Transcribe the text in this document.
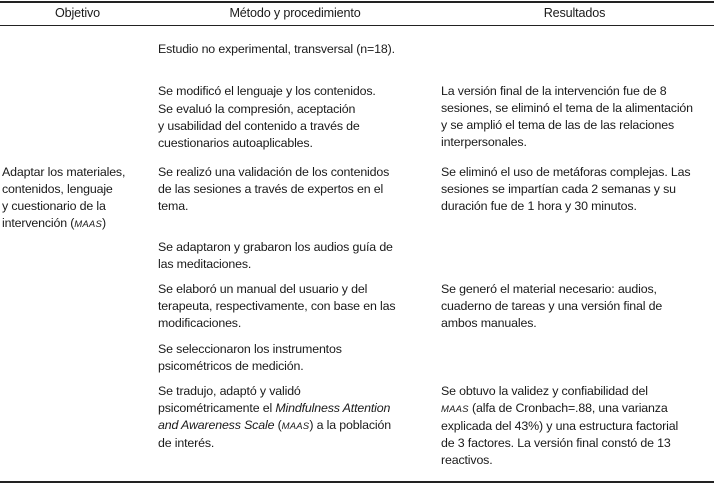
Objetivo	Método y procedimiento	Resultados
Adaptar los materiales,
contenidos, lenguaje
y cuestionario de la
intervención (MAAS)
Estudio no experimental, transversal (n=18).
Se modificó el lenguaje y los contenidos.
Se evaluó la compresión, aceptación
y usabilidad del contenido a través de
cuestionarios autoaplicables.
Se realizó una validación de los contenidos
de las sesiones a través de expertos en el
tema.
Se adaptaron y grabaron los audios guía de
las meditaciones.
Se elaboró un manual del usuario y del
terapeuta, respectivamente, con base en las
modificaciones.
Se seleccionaron los instrumentos
psicométricos de medición.
Se tradujo, adaptó y validó
psicométricamente el Mindfulness Attention
and Awareness Scale (MAAS) a la población
de interés.
La versión final de la intervención fue de 8
sesiones, se eliminó el tema de la alimentación
y se amplió el tema de las de las relaciones
interpersonales.
Se eliminó el uso de metáforas complejas. Las
sesiones se impartían cada 2 semanas y su
duración fue de 1 hora y 30 minutos.
Se generó el material necesario: audios,
cuaderno de tareas y una versión final de
ambos manuales.
Se obtuvo la validez y confiabilidad del
MAAS (alfa de Cronbach=.88, una varianza
explicada del 43%) y una estructura factorial
de 3 factores. La versión final constó de 13
reactivos.
